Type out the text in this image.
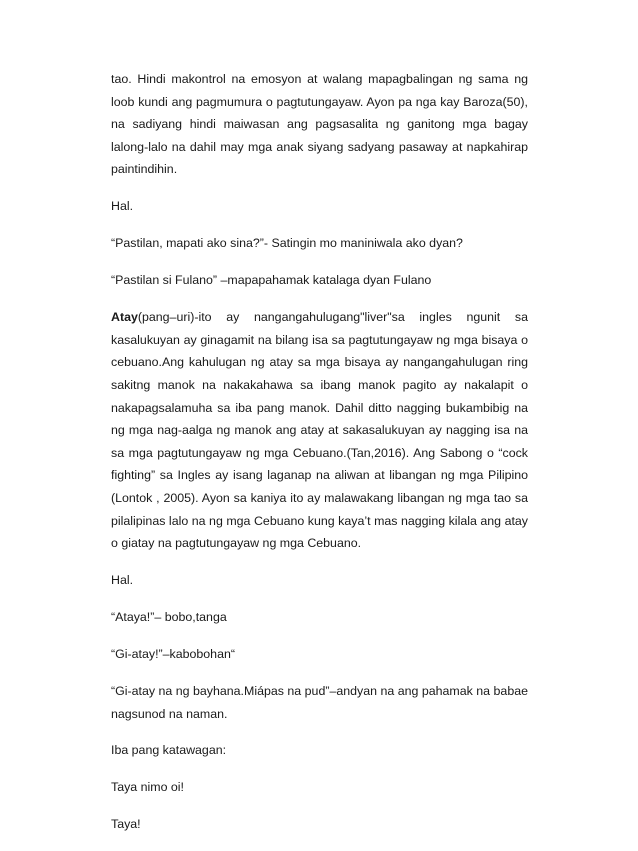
tao. Hindi makontrol na emosyon at walang mapagbalingan ng sama ng loob kundi ang pagmumura o pagtutungayaw. Ayon pa nga kay Baroza(50), na sadiyang hindi maiwasan ang pagsasalita ng ganitong mga bagay lalong-lalo na dahil may mga anak siyang sadyang pasaway at napkahirap paintindihin.

Hal.

“Pastilan, mapati ako sina?”- Satingin mo maniniwala ako dyan?

“Pastilan si Fulano” –mapapahamak katalaga dyan Fulano

Atay(pang–uri)-ito ay nangangahulugang"liver"sa ingles ngunit sa kasalukuyan ay ginagamit na bilang isa sa pagtutungayaw ng mga bisaya o cebuano.Ang kahulugan ng atay sa mga bisaya ay nangangahulugan ring sakitng manok na nakakahawa sa ibang manok pagito ay nakalapit o nakapagsalamuha sa iba pang manok. Dahil ditto nagging bukambibig na ng mga nag-aalga ng manok ang atay at sakasalukuyan ay nagging isa na sa mga pagtutungayaw ng mga Cebuano.(Tan,2016). Ang Sabong o “cock fighting” sa Ingles ay isang laganap na aliwan at libangan ng mga Pilipino (Lontok , 2005). Ayon sa kaniya ito ay malawakang libangan ng mga tao sa pilalipinas lalo na ng mga Cebuano kung kaya’t mas nagging kilala ang atay o giatay na pagtutungayaw ng mga Cebuano.

Hal.

“Ataya!”– bobo,tanga

“Gi-atay!”–kabobohan“

“Gi-atay na ng bayhana.Miápas na pud”–andyan na ang pahamak na babae nagsunod na naman.

Iba pang katawagan:

Taya nimo oi!

Taya!
